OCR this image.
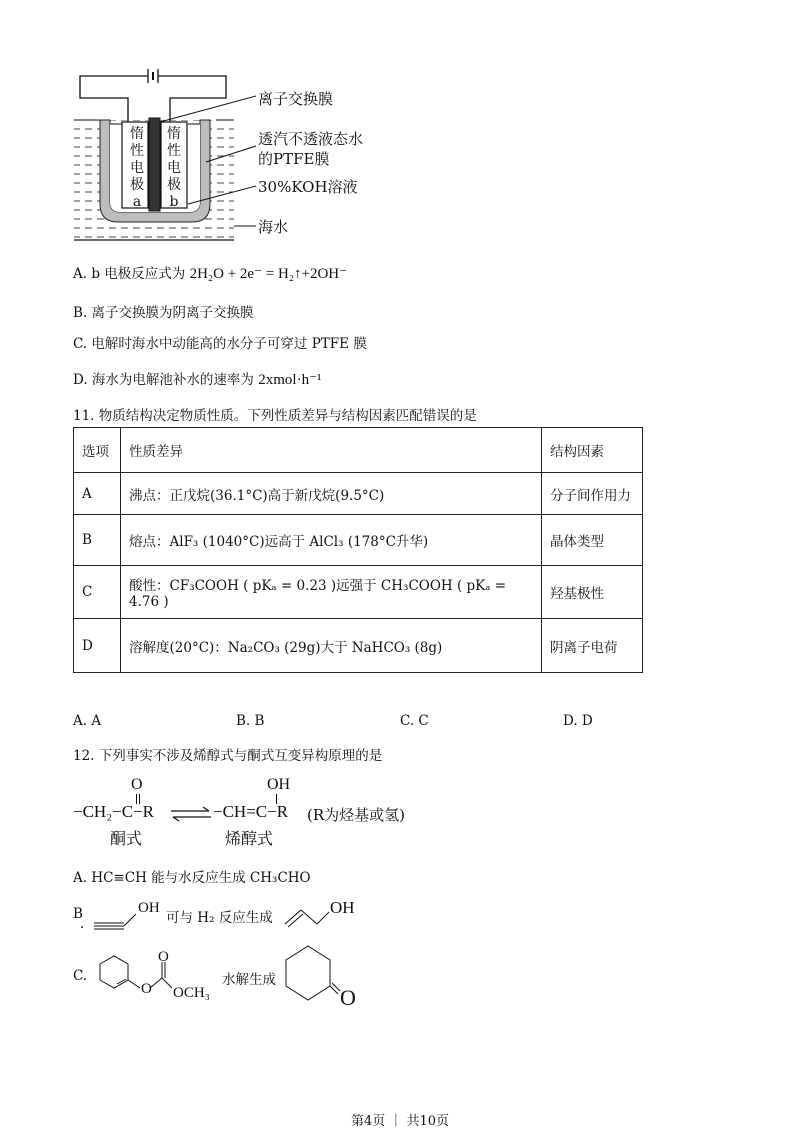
惰
性
电
极
a
惰
性
电
极
b
离子交换膜
透汽不透液态水
的PTFE膜
30%KOH溶液
海水
A. b 电极反应式为 2H₂O + 2e⁻ = H₂↑+2OH⁻
B. 离子交换膜为阴离子交换膜
C. 电解时海水中动能高的水分子可穿过 PTFE 膜
D. 海水为电解池补水的速率为 2xmol·h⁻¹
11. 物质结构决定物质性质。下列性质差异与结构因素匹配错误的是
选项	性质差异	结构因素
A	沸点：正戊烷(36.1°C)高于新戊烷(9.5°C)	分子间作用力
B	熔点：AlF₃ (1040°C)远高于 AlCl₃ (178°C升华)	晶体类型
C	酸性：CF₃COOH ( pKₐ = 0.23 )远强于 CH₃COOH ( pKₐ = 4.76 )	羟基极性
D	溶解度(20°C)：Na₂CO₃ (29g)大于 NaHCO₃ (8g)	阴离子电荷
A. A	B. B	C. C	D. D
12. 下列事实不涉及烯醇式与酮式互变异构原理的是
O
−CH₂−C−R ⇌
OH
−CH=C−R (R为烃基或氢)
酮式	烯醇式
A. HC≡CH 能与水反应生成 CH₃CHO
B
.
OH
可与 H₂ 反应生成
OH
C.
O
O
OCH₃
水解生成
O
第4页 ｜ 共10页
